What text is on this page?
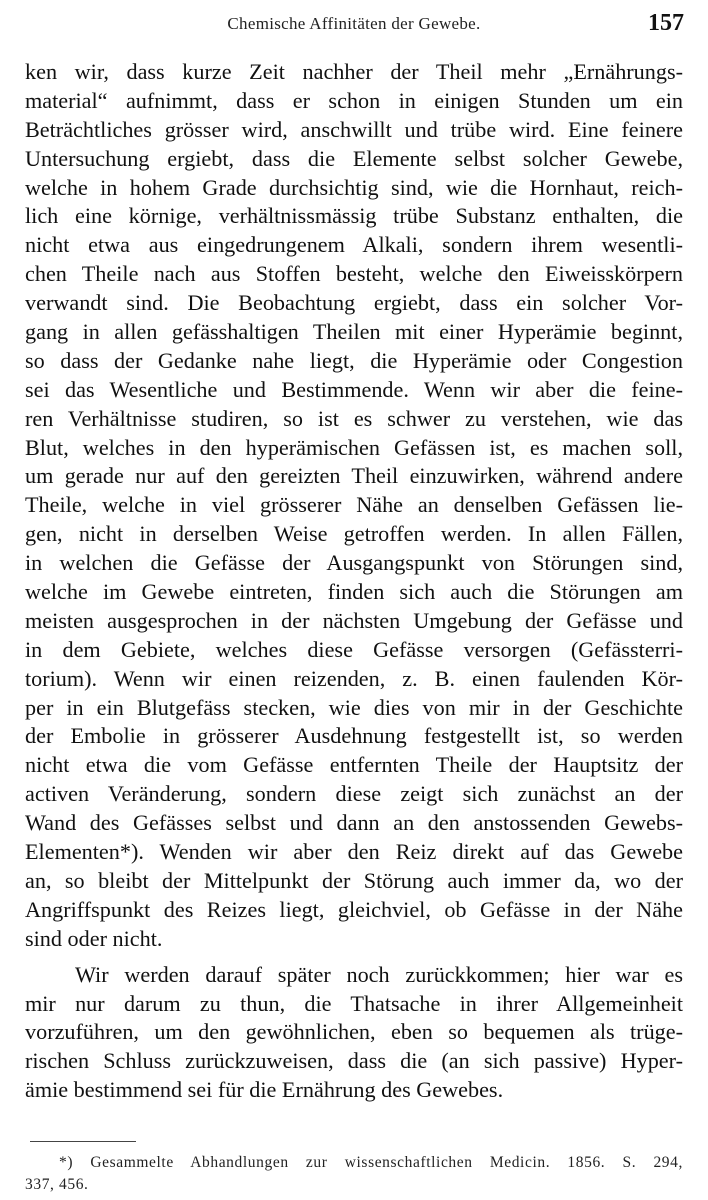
Chemische Affinitäten der Gewebe.	157
ken wir, dass kurze Zeit nachher der Theil mehr „Ernährungs-
material“ aufnimmt, dass er schon in einigen Stunden um ein
Beträchtliches grösser wird, anschwillt und trübe wird. Eine feinere
Untersuchung ergiebt, dass die Elemente selbst solcher Gewebe,
welche in hohem Grade durchsichtig sind, wie die Hornhaut, reich-
lich eine körnige, verhältnissmässig trübe Substanz enthalten, die
nicht etwa aus eingedrungenem Alkali, sondern ihrem wesentli-
chen Theile nach aus Stoffen besteht, welche den Eiweisskörpern
verwandt sind. Die Beobachtung ergiebt, dass ein solcher Vor-
gang in allen gefässhaltigen Theilen mit einer Hyperämie beginnt,
so dass der Gedanke nahe liegt, die Hyperämie oder Congestion
sei das Wesentliche und Bestimmende. Wenn wir aber die feine-
ren Verhältnisse studiren, so ist es schwer zu verstehen, wie das
Blut, welches in den hyperämischen Gefässen ist, es machen soll,
um gerade nur auf den gereizten Theil einzuwirken, während andere
Theile, welche in viel grösserer Nähe an denselben Gefässen lie-
gen, nicht in derselben Weise getroffen werden. In allen Fällen,
in welchen die Gefässe der Ausgangspunkt von Störungen sind,
welche im Gewebe eintreten, finden sich auch die Störungen am
meisten ausgesprochen in der nächsten Umgebung der Gefässe und
in dem Gebiete, welches diese Gefässe versorgen (Gefässterri-
torium). Wenn wir einen reizenden, z. B. einen faulenden Kör-
per in ein Blutgefäss stecken, wie dies von mir in der Geschichte
der Embolie in grösserer Ausdehnung festgestellt ist, so werden
nicht etwa die vom Gefässe entfernten Theile der Hauptsitz der
activen Veränderung, sondern diese zeigt sich zunächst an der
Wand des Gefässes selbst und dann an den anstossenden Gewebs-
Elementen*). Wenden wir aber den Reiz direkt auf das Gewebe
an, so bleibt der Mittelpunkt der Störung auch immer da, wo der
Angriffspunkt des Reizes liegt, gleichviel, ob Gefässe in der Nähe
sind oder nicht.
Wir werden darauf später noch zurückkommen; hier war es
mir nur darum zu thun, die Thatsache in ihrer Allgemeinheit
vorzuführen, um den gewöhnlichen, eben so bequemen als trüge-
rischen Schluss zurückzuweisen, dass die (an sich passive) Hyper-
ämie bestimmend sei für die Ernährung des Gewebes.
*) Gesammelte Abhandlungen zur wissenschaftlichen Medicin. 1856. S. 294,
337, 456.
